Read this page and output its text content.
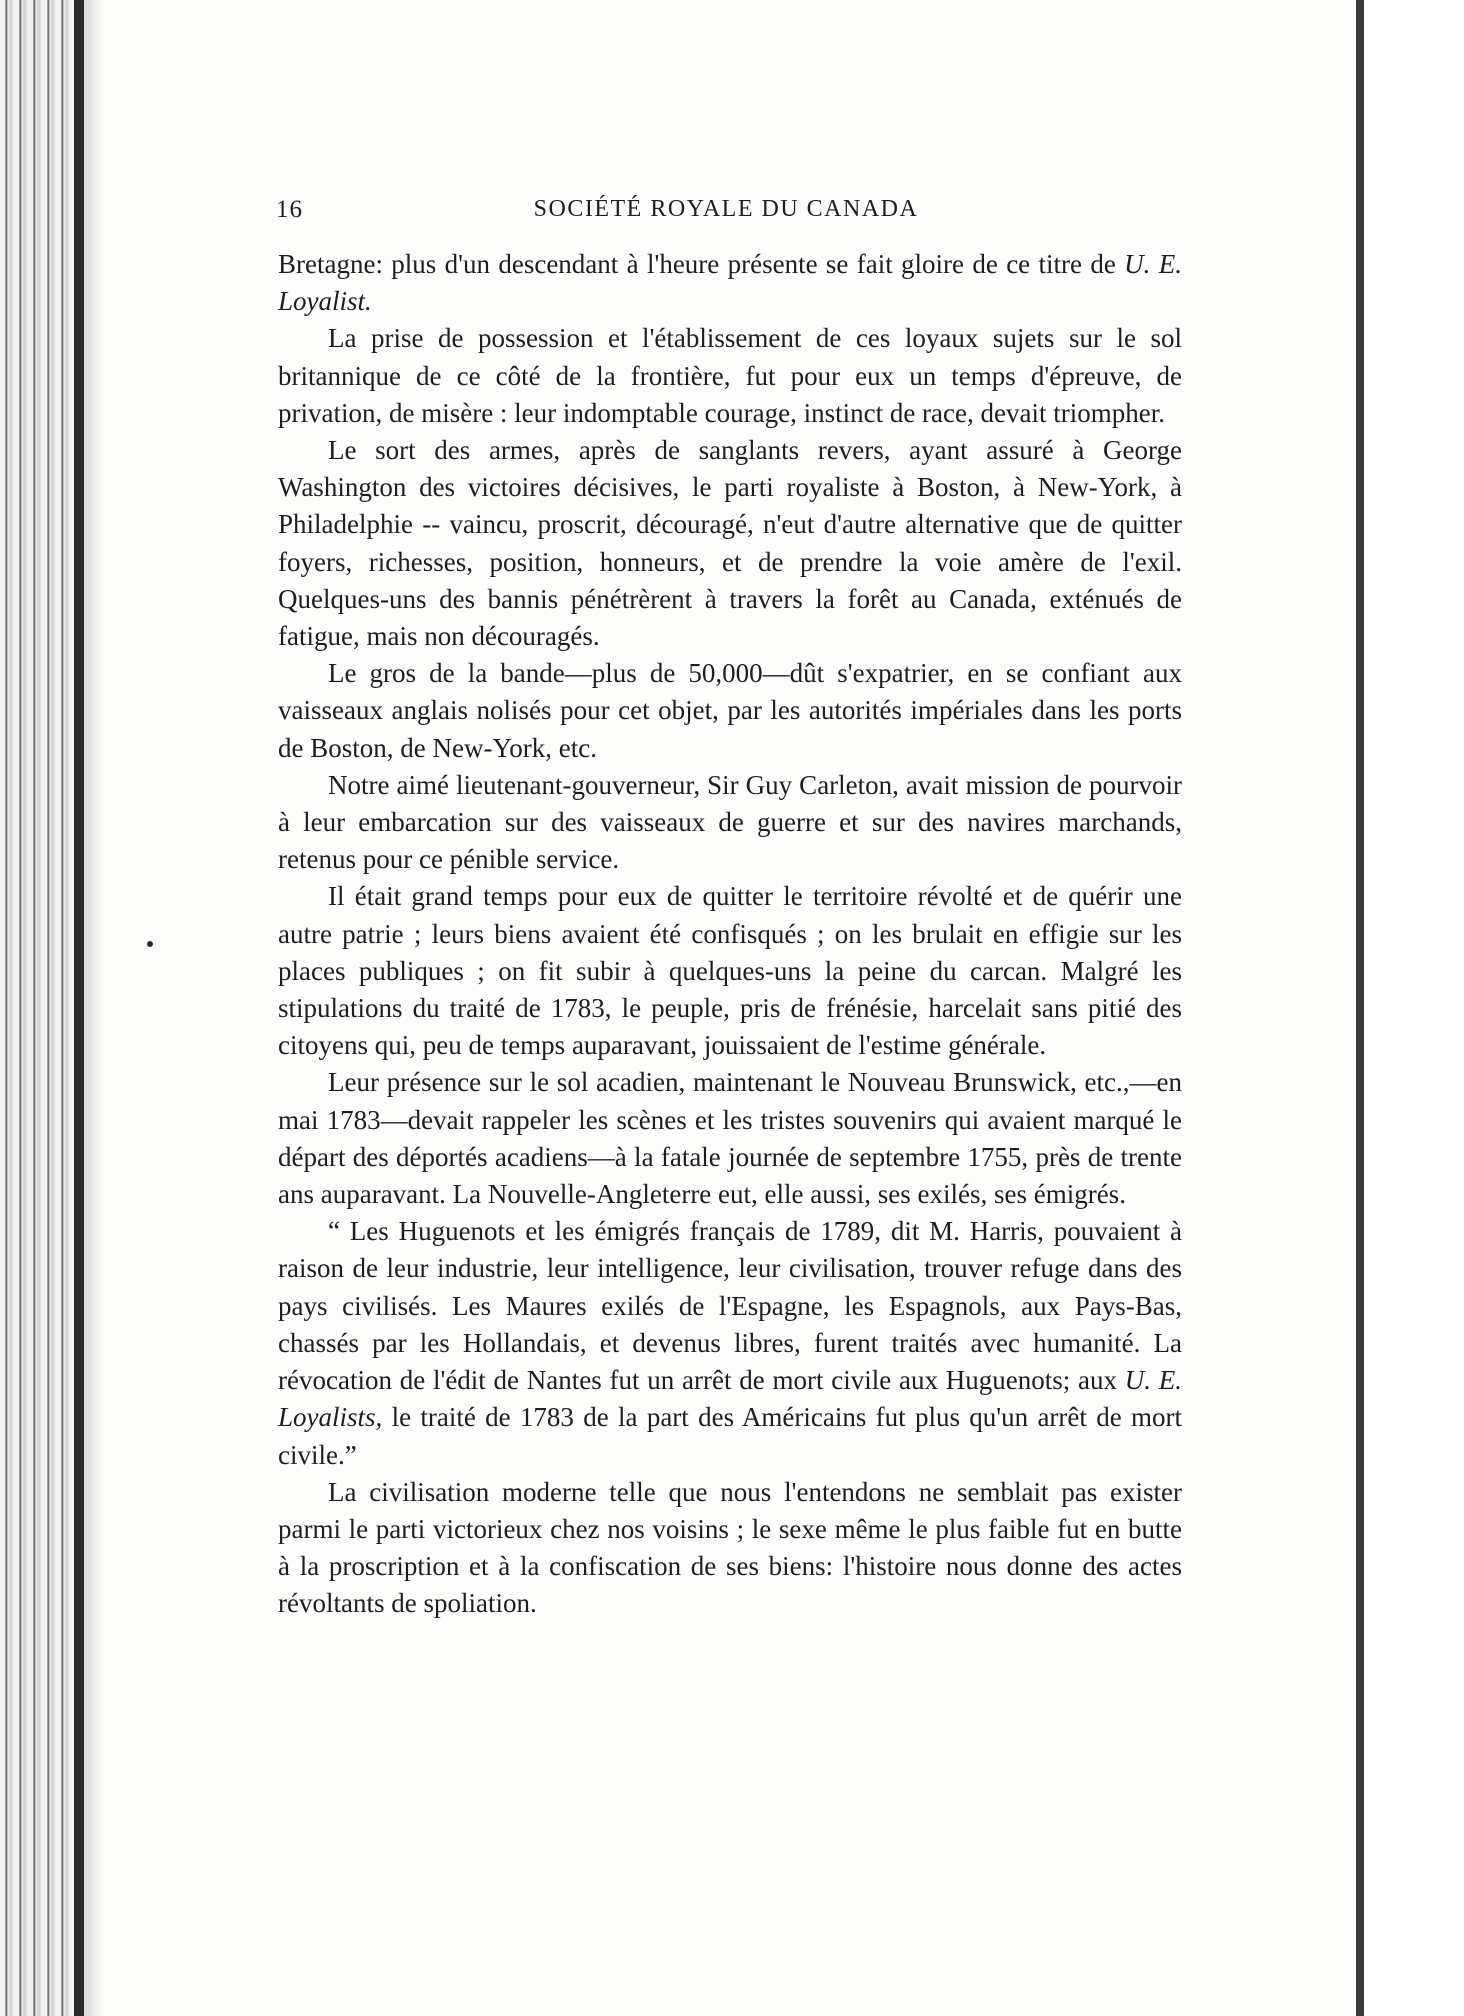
SOCIÉTÉ ROYALE DU CANADA
16

Bretagne: plus d'un descendant à l'heure présente se fait gloire de ce titre de U. E. Loyalist.

La prise de possession et l'établissement de ces loyaux sujets sur le sol britannique de ce côté de la frontière, fut pour eux un temps d'épreuve, de privation, de misère : leur indomptable courage, instinct de race, devait triompher.

Le sort des armes, après de sanglants revers, ayant assuré à George Washington des victoires décisives, le parti royaliste à Boston, à New-York, à Philadelphie -- vaincu, proscrit, découragé, n'eut d'autre alternative que de quitter foyers, richesses, position, honneurs, et de prendre la voie amère de l'exil. Quelques-uns des bannis pénétrèrent à travers la forêt au Canada, exténués de fatigue, mais non découragés.

Le gros de la bande—plus de 50,000—dût s'expatrier, en se confiant aux vaisseaux anglais nolisés pour cet objet, par les autorités impériales dans les ports de Boston, de New-York, etc.

Notre aimé lieutenant-gouverneur, Sir Guy Carleton, avait mission de pourvoir à leur embarcation sur des vaisseaux de guerre et sur des navires marchands, retenus pour ce pénible service.

Il était grand temps pour eux de quitter le territoire révolté et de quérir une autre patrie ; leurs biens avaient été confisqués ; on les brulait en effigie sur les places publiques ; on fit subir à quelques-uns la peine du carcan. Malgré les stipulations du traité de 1783, le peuple, pris de frénésie, harcelait sans pitié des citoyens qui, peu de temps auparavant, jouissaient de l'estime générale.

Leur présence sur le sol acadien, maintenant le Nouveau Brunswick, etc.,—en mai 1783—devait rappeler les scènes et les tristes souvenirs qui avaient marqué le départ des déportés acadiens—à la fatale journée de septembre 1755, près de trente ans auparavant. La Nouvelle-Angleterre eut, elle aussi, ses exilés, ses émigrés.

“ Les Huguenots et les émigrés français de 1789, dit M. Harris, pouvaient à raison de leur industrie, leur intelligence, leur civilisation, trouver refuge dans des pays civilisés. Les Maures exilés de l'Espagne, les Espagnols, aux Pays-Bas, chassés par les Hollandais, et devenus libres, furent traités avec humanité. La révocation de l'édit de Nantes fut un arrêt de mort civile aux Huguenots; aux U. E. Loyalists, le traité de 1783 de la part des Américains fut plus qu'un arrêt de mort civile.”

La civilisation moderne telle que nous l'entendons ne semblait pas exister parmi le parti victorieux chez nos voisins ; le sexe même le plus faible fut en butte à la proscription et à la confiscation de ses biens: l'histoire nous donne des actes révoltants de spoliation.
